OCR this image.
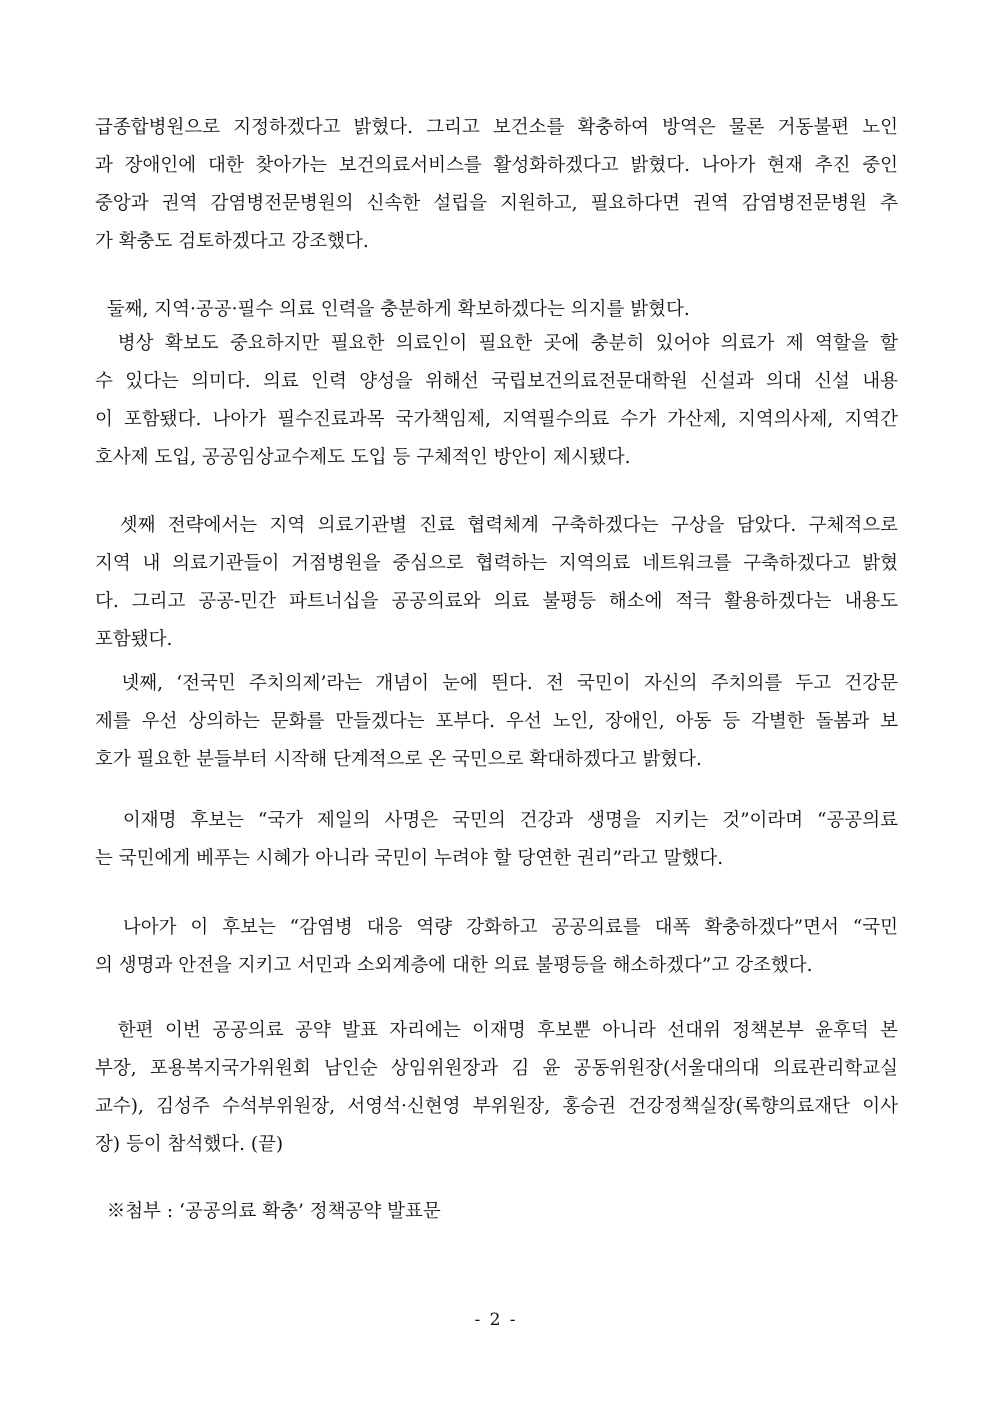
급종합병원으로 지정하겠다고 밝혔다. 그리고 보건소를 확충하여 방역은 물론 거동불편 노인
과 장애인에 대한 찾아가는 보건의료서비스를 활성화하겠다고 밝혔다. 나아가 현재 추진 중인
중앙과 권역 감염병전문병원의 신속한 설립을 지원하고, 필요하다면 권역 감염병전문병원 추
가 확충도 검토하겠다고 강조했다.
둘째, 지역·공공·필수 의료 인력을 충분하게 확보하겠다는 의지를 밝혔다.
병상 확보도 중요하지만 필요한 의료인이 필요한 곳에 충분히 있어야 의료가 제 역할을 할
수 있다는 의미다. 의료 인력 양성을 위해선 국립보건의료전문대학원 신설과 의대 신설 내용
이 포함됐다. 나아가 필수진료과목 국가책임제, 지역필수의료 수가 가산제, 지역의사제, 지역간
호사제 도입, 공공임상교수제도 도입 등 구체적인 방안이 제시됐다.
셋째 전략에서는 지역 의료기관별 진료 협력체계 구축하겠다는 구상을 담았다. 구체적으로
지역 내 의료기관들이 거점병원을 중심으로 협력하는 지역의료 네트워크를 구축하겠다고 밝혔
다. 그리고 공공-민간 파트너십을 공공의료와 의료 불평등 해소에 적극 활용하겠다는 내용도
포함됐다.
넷째, ‘전국민 주치의제’라는 개념이 눈에 띈다. 전 국민이 자신의 주치의를 두고 건강문
제를 우선 상의하는 문화를 만들겠다는 포부다. 우선 노인, 장애인, 아동 등 각별한 돌봄과 보
호가 필요한 분들부터 시작해 단계적으로 온 국민으로 확대하겠다고 밝혔다.
이재명 후보는 “국가 제일의 사명은 국민의 건강과 생명을 지키는 것”이라며 “공공의료
는 국민에게 베푸는 시혜가 아니라 국민이 누려야 할 당연한 권리”라고 말했다.
나아가 이 후보는 “감염병 대응 역량 강화하고 공공의료를 대폭 확충하겠다”면서 “국민
의 생명과 안전을 지키고 서민과 소외계층에 대한 의료 불평등을 해소하겠다”고 강조했다.
한편 이번 공공의료 공약 발표 자리에는 이재명 후보뿐 아니라 선대위 정책본부 윤후덕 본
부장, 포용복지국가위원회 남인순 상임위원장과 김 윤 공동위원장(서울대의대 의료관리학교실
교수), 김성주 수석부위원장, 서영석·신현영 부위원장, 홍승권 건강정책실장(록향의료재단 이사
장) 등이 참석했다. (끝)
※첨부 : ‘공공의료 확충’ 정책공약 발표문
- 2 -
